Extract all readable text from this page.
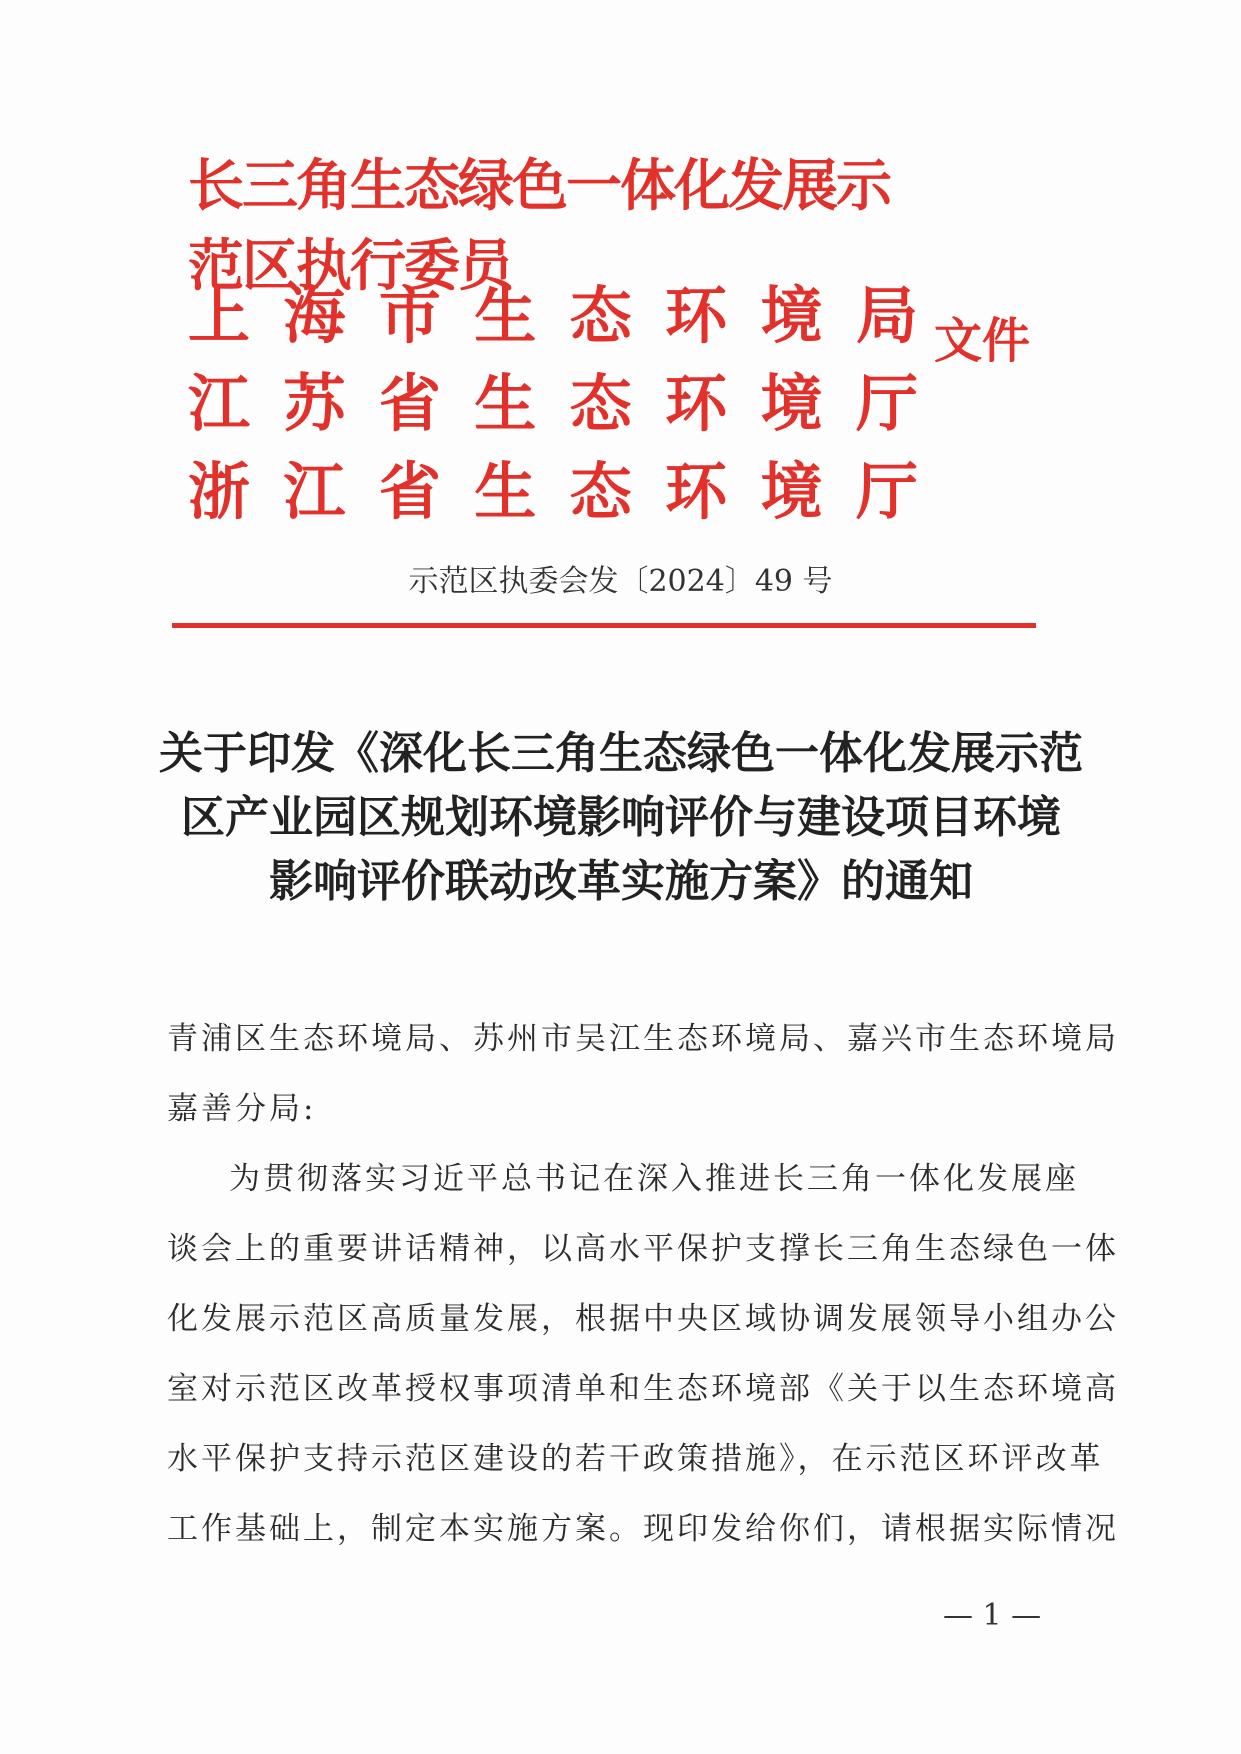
长三角生态绿色一体化发展示范区执行委员
上 海 市 生 态 环 境 局
江 苏 省 生 态 环 境 厅
浙 江 省 生 态 环 境 厅
文件
示范区执委会发〔2024〕49 号
关于印发《深化长三角生态绿色一体化发展示范
区产业园区规划环境影响评价与建设项目环境
影响评价联动改革实施方案》的通知
青浦区生态环境局、苏州市吴江生态环境局、嘉兴市生态环境局
嘉善分局:
为贯彻落实习近平总书记在深入推进长三角一体化发展座
谈会上的重要讲话精神，以高水平保护支撑长三角生态绿色一体
化发展示范区高质量发展，根据中央区域协调发展领导小组办公
室对示范区改革授权事项清单和生态环境部《关于以生态环境高
水平保护支持示范区建设的若干政策措施》，在示范区环评改革
工作基础上，制定本实施方案。现印发给你们，请根据实际情况
— 1 —
